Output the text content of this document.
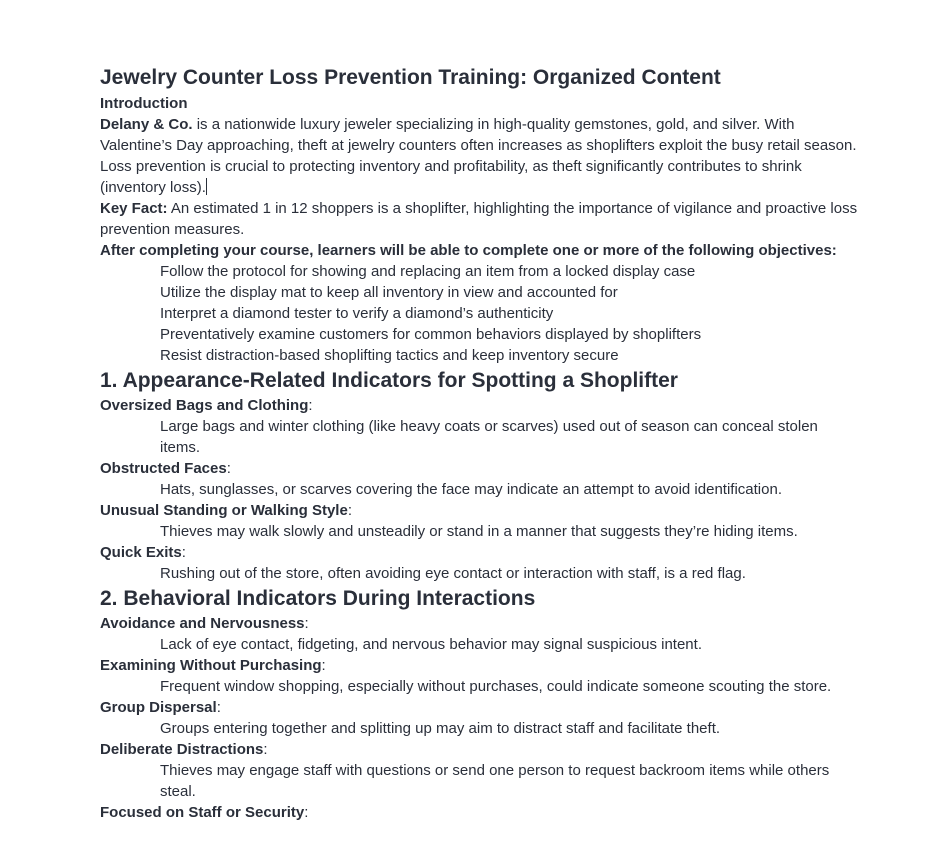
Jewelry Counter Loss Prevention Training: Organized Content
Introduction

Delany & Co. is a nationwide luxury jeweler specializing in high-quality gemstones, gold, and silver. With Valentine’s Day approaching, theft at jewelry counters often increases as shoplifters exploit the busy retail season. Loss prevention is crucial to protecting inventory and profitability, as theft significantly contributes to shrink (inventory loss).

Key Fact: An estimated 1 in 12 shoppers is a shoplifter, highlighting the importance of vigilance and proactive loss prevention measures.

After completing your course, learners will be able to complete one or more of the following objectives:
Follow the protocol for showing and replacing an item from a locked display case
Utilize the display mat to keep all inventory in view and accounted for
Interpret a diamond tester to verify a diamond’s authenticity
Preventatively examine customers for common behaviors displayed by shoplifters
Resist distraction-based shoplifting tactics and keep inventory secure
1. Appearance-Related Indicators for Spotting a Shoplifter

Oversized Bags and Clothing:

Large bags and winter clothing (like heavy coats or scarves) used out of season can conceal stolen items.

Obstructed Faces:

Hats, sunglasses, or scarves covering the face may indicate an attempt to avoid identification.

Unusual Standing or Walking Style:

Thieves may walk slowly and unsteadily or stand in a manner that suggests they’re hiding items.

Quick Exits:

Rushing out of the store, often avoiding eye contact or interaction with staff, is a red flag.

2. Behavioral Indicators During Interactions

Avoidance and Nervousness:

Lack of eye contact, fidgeting, and nervous behavior may signal suspicious intent.

Examining Without Purchasing:

Frequent window shopping, especially without purchases, could indicate someone scouting the store.

Group Dispersal:

Groups entering together and splitting up may aim to distract staff and facilitate theft.

Deliberate Distractions:

Thieves may engage staff with questions or send one person to request backroom items while others steal.

Focused on Staff or Security:
